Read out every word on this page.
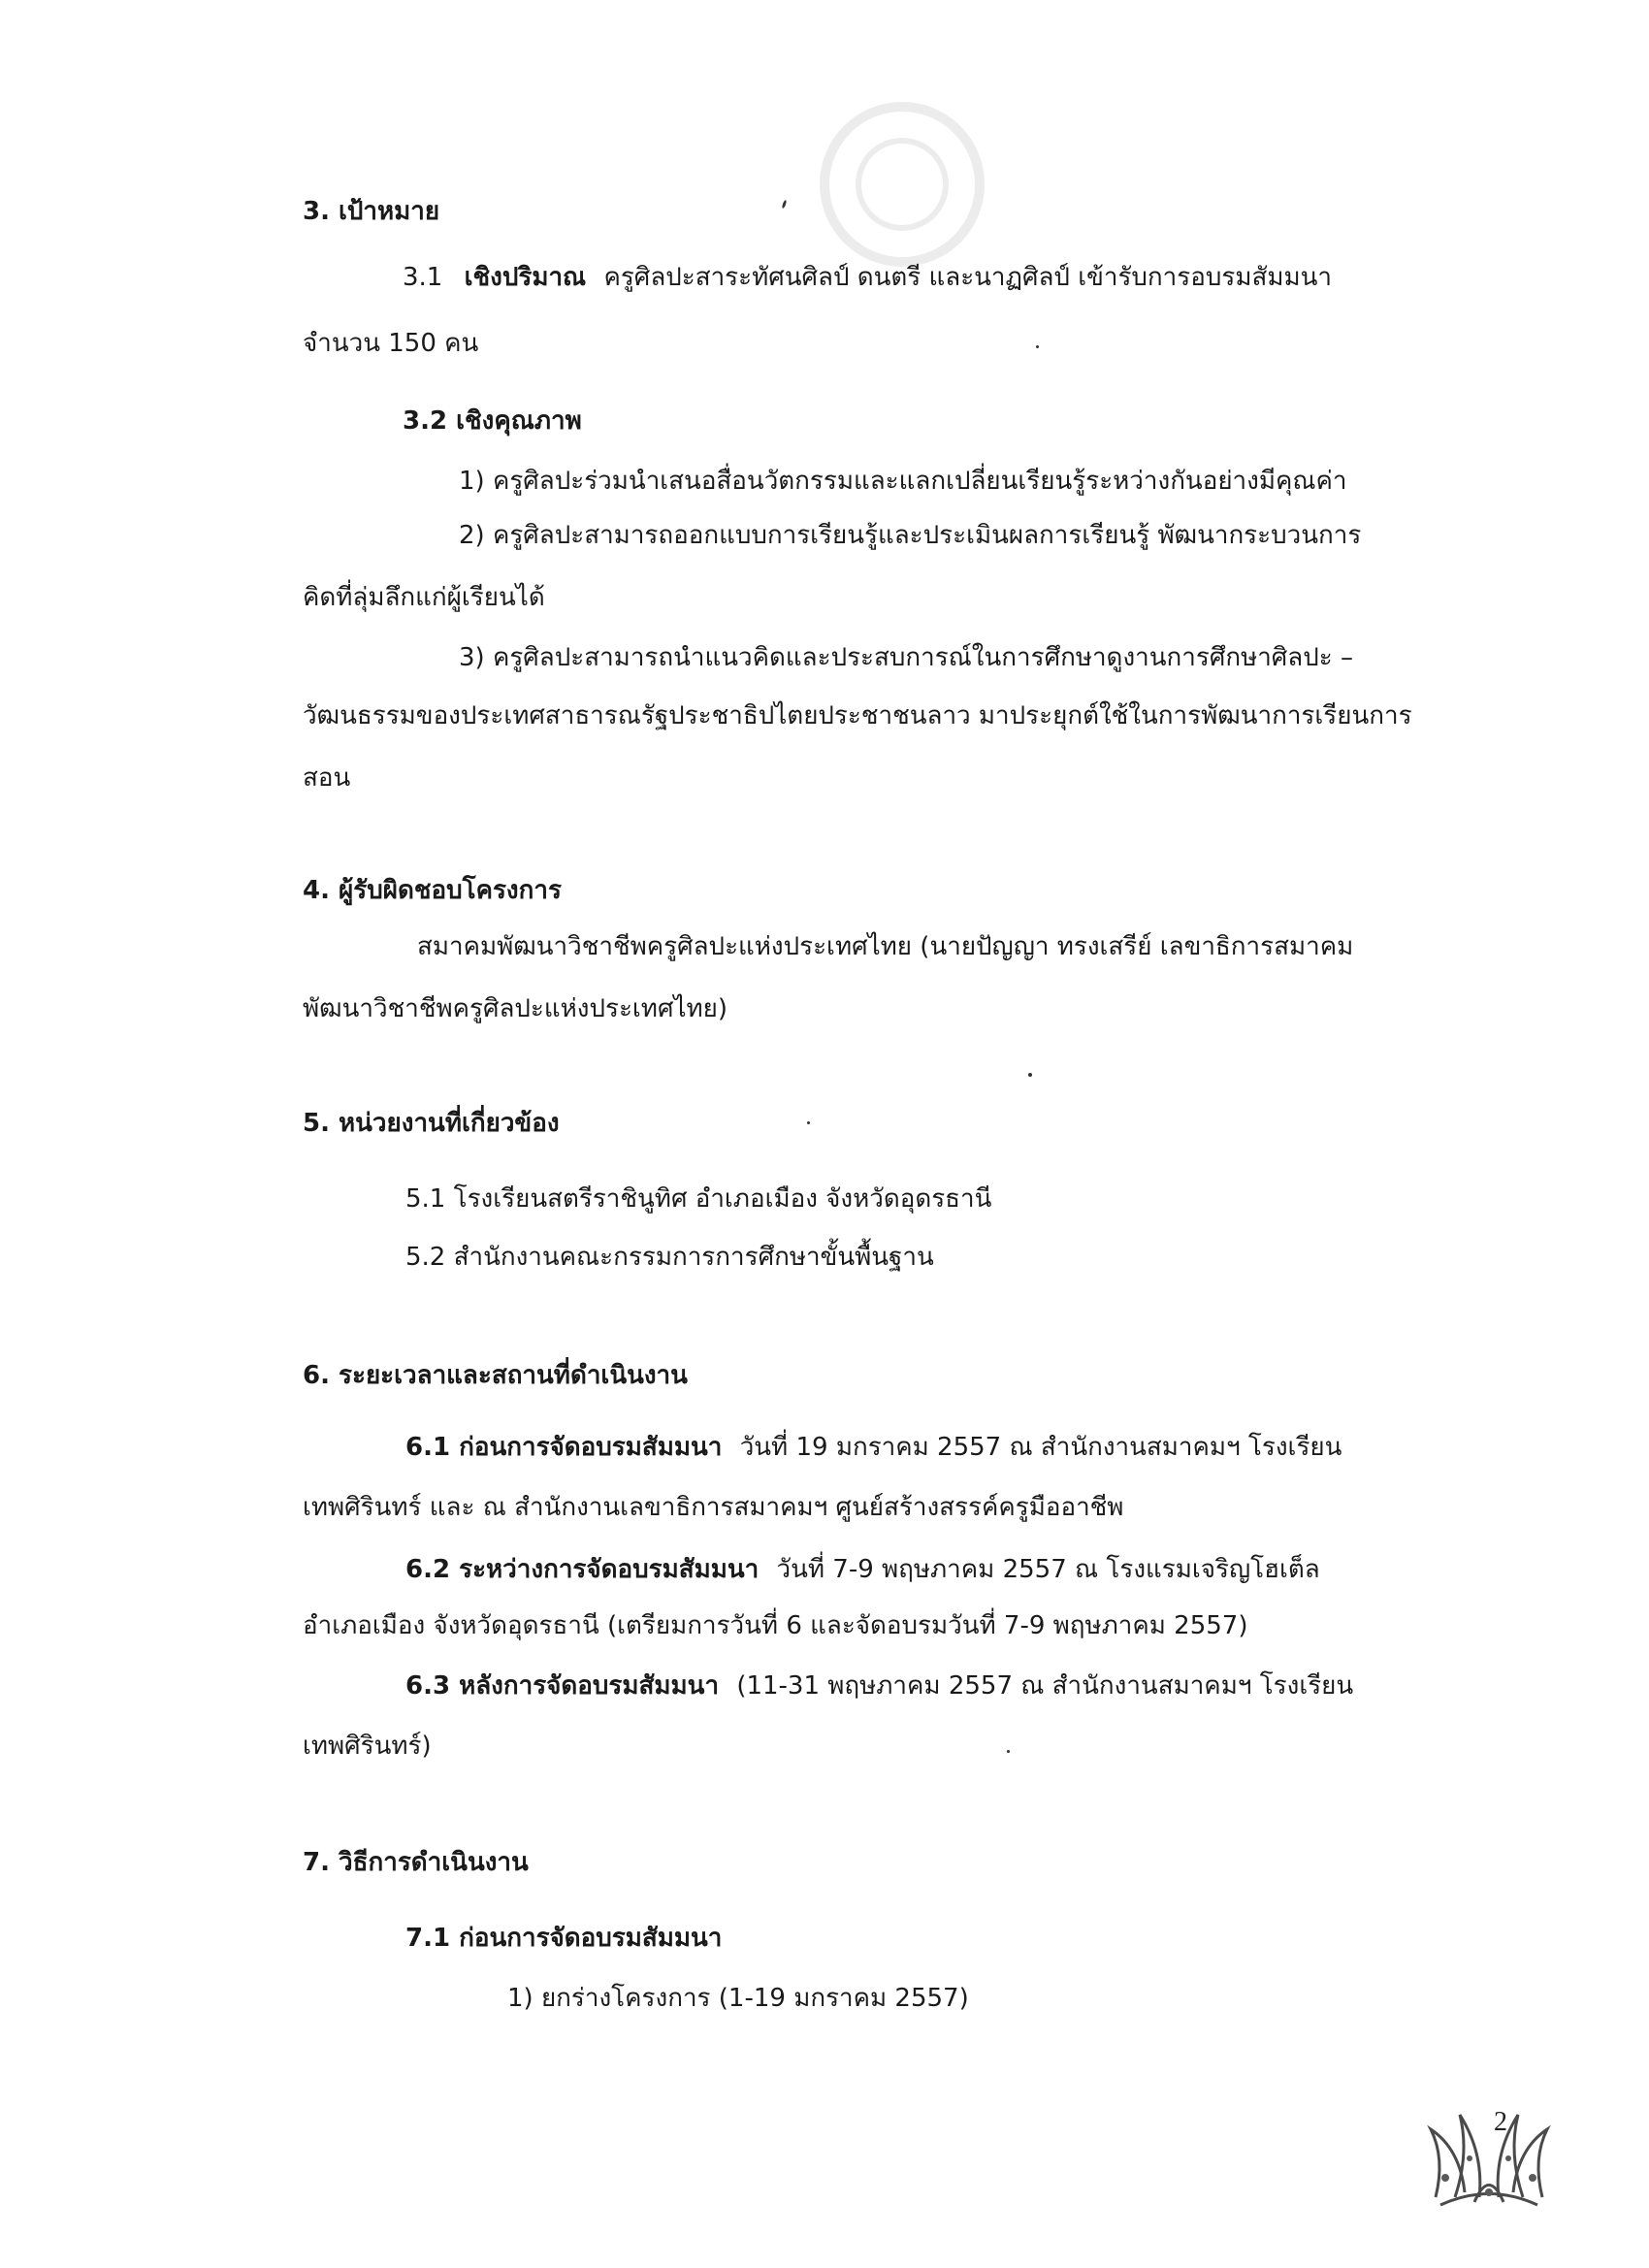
3. เป้าหมาย
3.1 เชิงปริมาณ ครูศิลปะสาระทัศนศิลป์ ดนตรี และนาฏศิลป์ เข้ารับการอบรมสัมมนา
จำนวน 150 คน
3.2 เชิงคุณภาพ
1) ครูศิลปะร่วมนำเสนอสื่อนวัตกรรมและแลกเปลี่ยนเรียนรู้ระหว่างกันอย่างมีคุณค่า
2) ครูศิลปะสามารถออกแบบการเรียนรู้และประเมินผลการเรียนรู้ พัฒนากระบวนการ
คิดที่ลุ่มลึกแก่ผู้เรียนได้
3) ครูศิลปะสามารถนำแนวคิดและประสบการณ์ในการศึกษาดูงานการศึกษาศิลปะ –
วัฒนธรรมของประเทศสาธารณรัฐประชาธิปไตยประชาชนลาว มาประยุกต์ใช้ในการพัฒนาการเรียนการ
สอน
4. ผู้รับผิดชอบโครงการ
สมาคมพัฒนาวิชาชีพครูศิลปะแห่งประเทศไทย (นายปัญญา ทรงเสรีย์ เลขาธิการสมาคม
พัฒนาวิชาชีพครูศิลปะแห่งประเทศไทย)
5. หน่วยงานที่เกี่ยวข้อง
5.1 โรงเรียนสตรีราชินูทิศ อำเภอเมือง จังหวัดอุดรธานี
5.2 สำนักงานคณะกรรมการการศึกษาขั้นพื้นฐาน
6. ระยะเวลาและสถานที่ดำเนินงาน
6.1 ก่อนการจัดอบรมสัมมนา วันที่ 19 มกราคม 2557 ณ สำนักงานสมาคมฯ โรงเรียน
เทพศิรินทร์ และ ณ สำนักงานเลขาธิการสมาคมฯ ศูนย์สร้างสรรค์ครูมืออาชีพ
6.2 ระหว่างการจัดอบรมสัมมนา วันที่ 7-9 พฤษภาคม 2557 ณ โรงแรมเจริญโฮเต็ล
อำเภอเมือง จังหวัดอุดรธานี (เตรียมการวันที่ 6 และจัดอบรมวันที่ 7-9 พฤษภาคม 2557)
6.3 หลังการจัดอบรมสัมมนา (11-31 พฤษภาคม 2557 ณ สำนักงานสมาคมฯ โรงเรียน
เทพศิรินทร์)
7. วิธีการดำเนินงาน
7.1 ก่อนการจัดอบรมสัมมนา
1) ยกร่างโครงการ (1-19 มกราคม 2557)
2
